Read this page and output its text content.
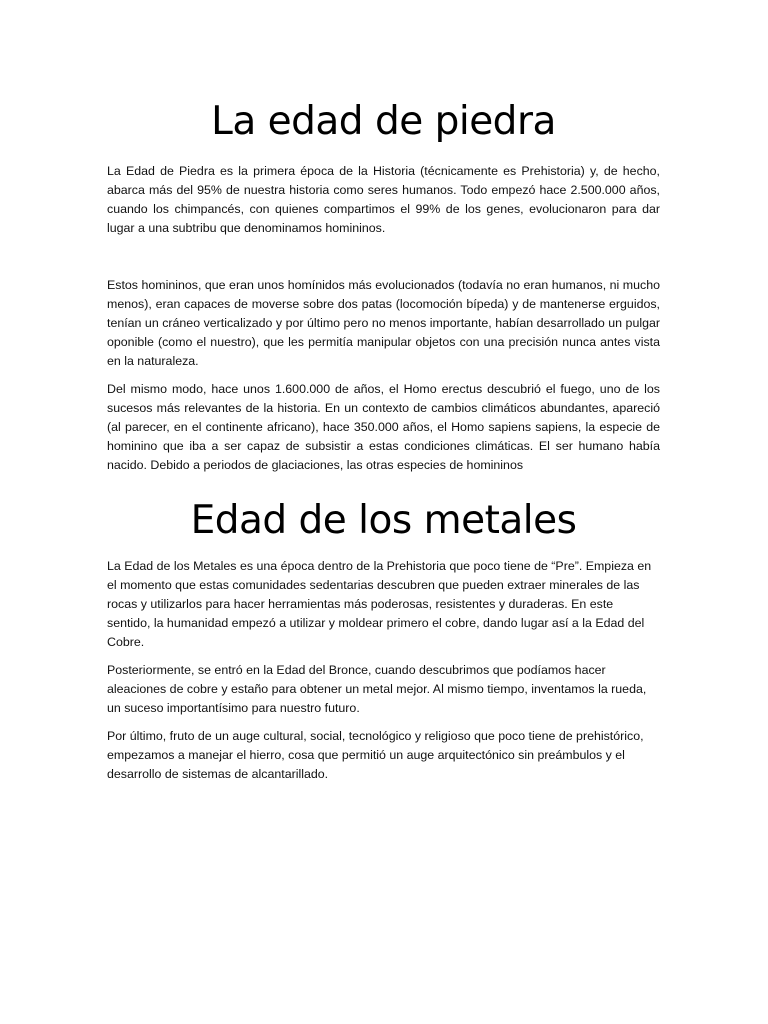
La edad de piedra

La Edad de Piedra es la primera época de la Historia (técnicamente es Prehistoria) y, de hecho, abarca más del 95% de nuestra historia como seres humanos. Todo empezó hace 2.500.000 años, cuando los chimpancés, con quienes compartimos el 99% de los genes, evolucionaron para dar lugar a una subtribu que denominamos homininos.

Estos homininos, que eran unos homínidos más evolucionados (todavía no eran humanos, ni mucho menos), eran capaces de moverse sobre dos patas (locomoción bípeda) y de mantenerse erguidos, tenían un cráneo verticalizado y por último pero no menos importante, habían desarrollado un pulgar oponible (como el nuestro), que les permitía manipular objetos con una precisión nunca antes vista en la naturaleza.

Del mismo modo, hace unos 1.600.000 de años, el Homo erectus descubrió el fuego, uno de los sucesos más relevantes de la historia. En un contexto de cambios climáticos abundantes, apareció (al parecer, en el continente africano), hace 350.000 años, el Homo sapiens sapiens, la especie de hominino que iba a ser capaz de subsistir a estas condiciones climáticas. El ser humano había nacido. Debido a periodos de glaciaciones, las otras especies de homininos

Edad de los metales

La Edad de los Metales es una época dentro de la Prehistoria que poco tiene de “Pre”. Empieza en el momento que estas comunidades sedentarias descubren que pueden extraer minerales de las rocas y utilizarlos para hacer herramientas más poderosas, resistentes y duraderas. En este sentido, la humanidad empezó a utilizar y moldear primero el cobre, dando lugar así a la Edad del Cobre.

Posteriormente, se entró en la Edad del Bronce, cuando descubrimos que podíamos hacer aleaciones de cobre y estaño para obtener un metal mejor. Al mismo tiempo, inventamos la rueda, un suceso importantísimo para nuestro futuro.

Por último, fruto de un auge cultural, social, tecnológico y religioso que poco tiene de prehistórico, empezamos a manejar el hierro, cosa que permitió un auge arquitectónico sin preámbulos y el desarrollo de sistemas de alcantarillado.
